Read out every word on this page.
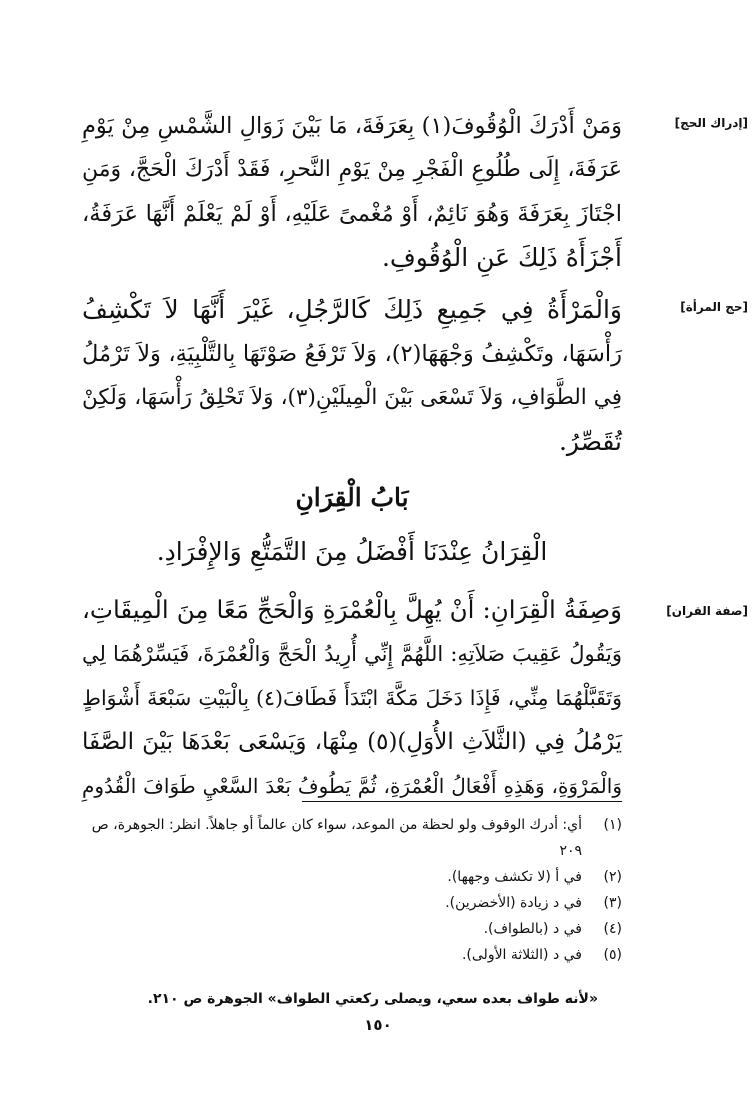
[إدراك الحج]
وَمَنْ أَدْرَكَ الْوُقُوفَ(١) بِعَرَفَةَ، مَا بَيْنَ زَوَالِ الشَّمْسِ مِنْ يَوْمِ
عَرَفَةَ، إِلَى طُلُوعِ الْفَجْرِ مِنْ يَوْمِ النَّحرِ، فَقَدْ أَدْرَكَ الْحَجَّ، وَمَنِ
اجْتَازَ بِعَرَفَةَ وَهُوَ نَائِمٌ، أَوْ مُغْمىً عَلَيْهِ، أَوْ لَمْ يَعْلَمْ أَنَّهَا عَرَفَةُ،
أَجْزَأَهُ ذَلِكَ عَنِ الْوُقُوفِ.
[حج المرأة]
وَالْمَرْأَةُ فِي جَمِيعِ ذَلِكَ كَالرَّجُلِ، غَيْرَ أَنَّهَا لاَ تَكْشِفُ
رَأْسَهَا، وتَكْشِفُ وَجْهَهَا(٢)، وَلاَ تَرْفَعُ صَوْتَهَا بِالتَّلْبِيَةِ، وَلاَ تَرْمُلُ
فِي الطَّوَافِ، وَلاَ تَسْعَى بَيْنَ الْمِيلَيْنِ(٣)، وَلاَ تَحْلِقُ رَأْسَهَا، وَلَكِنْ
تُقَصِّرُ.
بَابُ الْقِرَانِ
الْقِرَانُ عِنْدَنَا أَفْضَلُ مِنَ التَّمَتُّعِ وَالإِفْرَادِ.
[صفة القران]
وَصِفَةُ الْقِرَانِ: أَنْ يُهِلَّ بِالْعُمْرَةِ وَالْحَجِّ مَعًا مِنَ الْمِيقَاتِ،
وَيَقُولُ عَقِيبَ صَلاَتِهِ: اللَّهُمَّ إِنِّي أُرِيدُ الْحَجَّ وَالْعُمْرَةَ، فَيَسِّرْهُمَا لِي
وَتَقَبَّلْهُمَا مِنِّي، فَإِذَا دَخَلَ مَكَّةَ ابْتَدَأَ فَطَافَ(٤) بِالْبَيْتِ سَبْعَةَ أَشْوَاطٍ
يَرْمُلُ فِي (الثَّلاَثِ الأُوَلِ)(٥) مِنْهَا، وَيَسْعَى بَعْدَهَا بَيْنَ الصَّفَا
وَالْمَرْوَةِ، وَهَذِهِ أَفْعَالُ الْعُمْرَةِ، ثُمَّ يَطُوفُ بَعْدَ السَّعْيِ طَوَافَ الْقُدُومِ
(١)
أي: أدرك الوقوف ولو لحظة من الموعد، سواء كان عالماً أو جاهلاً. انظر: الجوهرة، ص ٢٠٩
(٢)
في أ (لا تكشف وجهها).
(٣)
في د زيادة (الأخضرين).
(٤)
في د (بالطواف).
(٥)
في د (الثلاثة الأولى).
«لأنه طواف بعده سعي، ويصلى ركعتي الطواف» الجوهرة ص ٢١٠.
١٥٠
